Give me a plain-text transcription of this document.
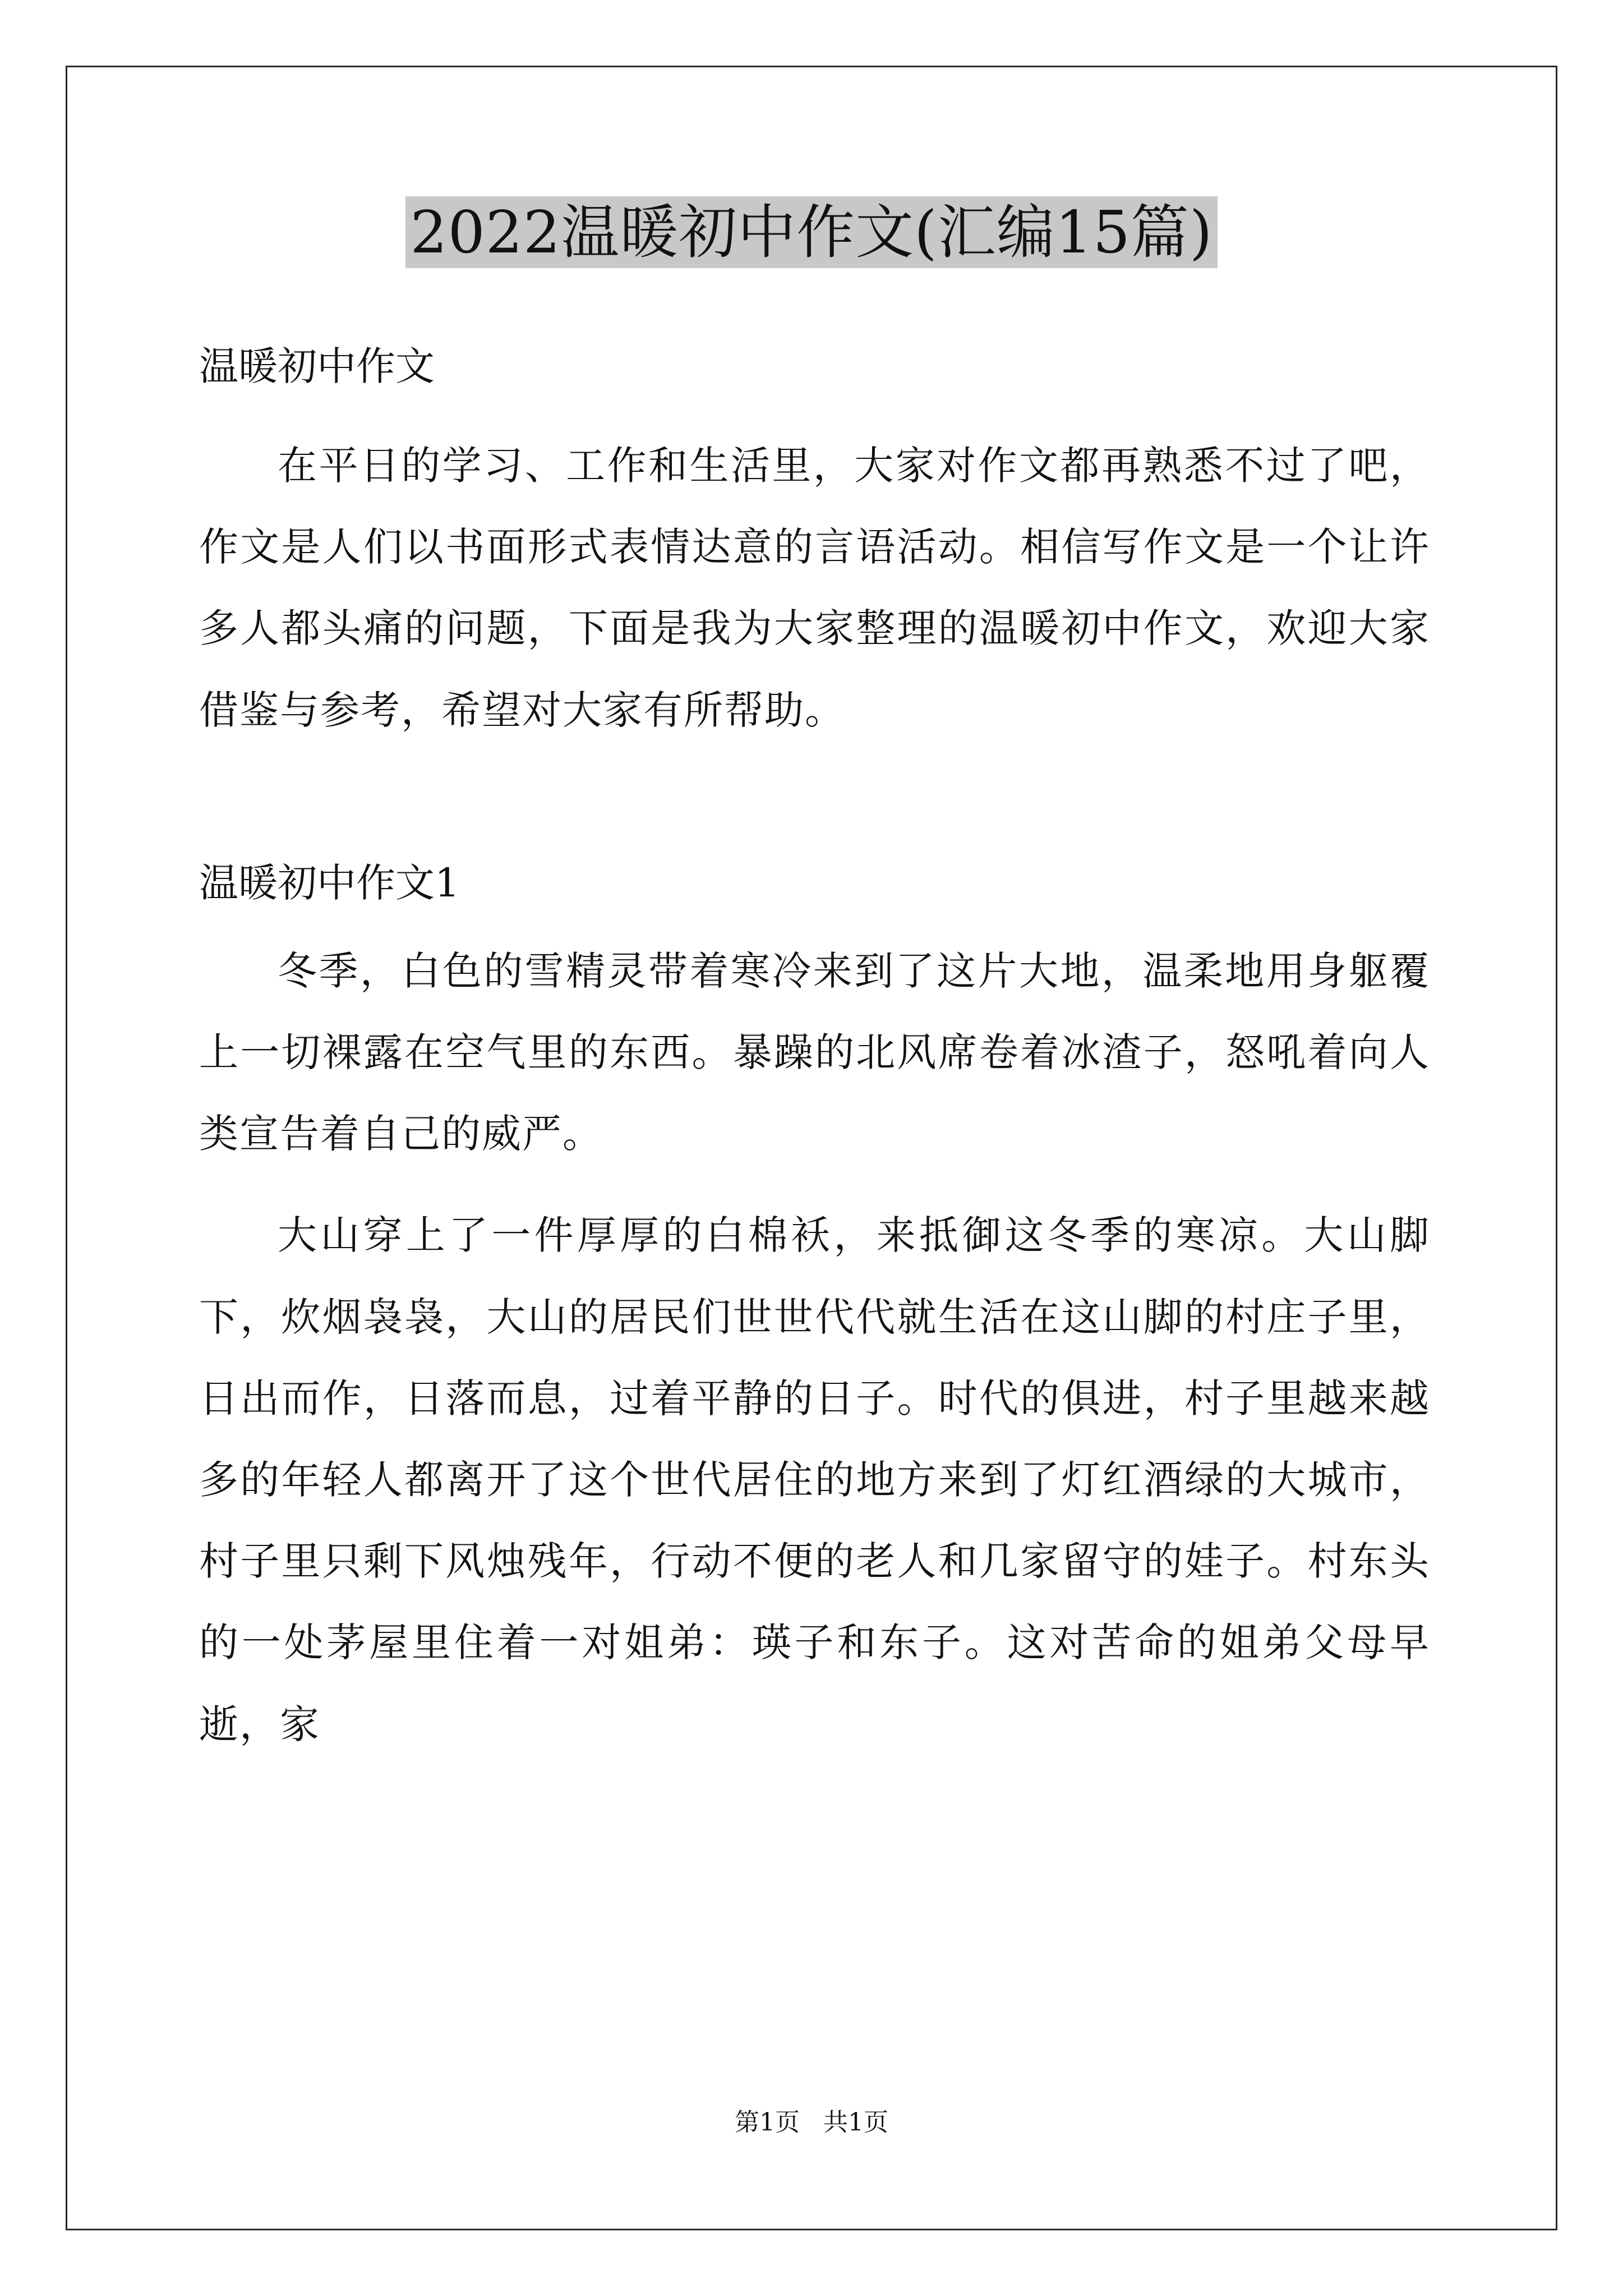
2022温暖初中作文(汇编15篇)

温暖初中作文

在平日的学习、工作和生活里，大家对作文都再熟悉不过了吧，作文是人们以书面形式表情达意的言语活动。相信写作文是一个让许多人都头痛的问题，下面是我为大家整理的温暖初中作文，欢迎大家借鉴与参考，希望对大家有所帮助。

温暖初中作文1

冬季，白色的雪精灵带着寒冷来到了这片大地，温柔地用身躯覆上一切裸露在空气里的东西。暴躁的北风席卷着冰渣子，怒吼着向人类宣告着自己的威严。

大山穿上了一件厚厚的白棉袄，来抵御这冬季的寒凉。大山脚下，炊烟袅袅，大山的居民们世世代代就生活在这山脚的村庄子里，日出而作，日落而息，过着平静的日子。时代的俱进，村子里越来越多的年轻人都离开了这个世代居住的地方来到了灯红酒绿的大城市，村子里只剩下风烛残年，行动不便的老人和几家留守的娃子。村东头的一处茅屋里住着一对姐弟：瑛子和东子。这对苦命的姐弟父母早逝，家

第1页 共1页
